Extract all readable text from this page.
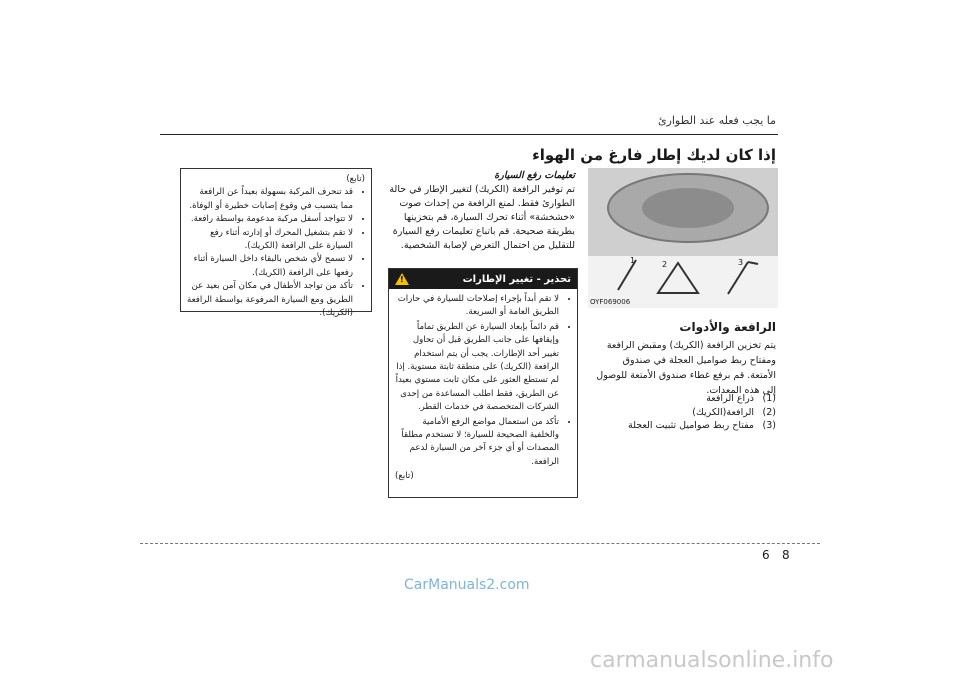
ما يجب فعله عند الطوارئ
إذا كان لديك إطار فارغ من الهواء
1	2	3
OYF069006
الرافعة والأدوات
يتم تخزين الرافعة (الكريك) ومقبض الرافعة ومفتاح ربط صواميل العجلة في صندوق الأمتعة. قم برفع غطاء صندوق الأمتعة للوصول إلى هذه المعدات.
(1)
ذراع الرافعة
(2)
الرافعة(الكريك)
(3)
مفتاح ربط صواميل تثبيت العجلة
تعليمات رفع السيارة
تم توفير الرافعة (الكريك) لتغيير الإطار في حالة الطوارئ فقط. لمنع الرافعة من إحداث صوت «خشخشة» أثناء تحرك السيارة، قم بتخزينها بطريقة صحيحة. قم باتباع تعليمات رفع السيارة للتقليل من احتمال التعرض لإصابة الشخصية.
تحذير - تغيير الإطارات
!
• لا تقم أبداً بإجراء إصلاحات للسيارة في حارات الطريق العامة أو السريعة.
• قم دائماً بإبعاد السيارة عن الطريق تماماً وإيقافها على جانب الطريق قبل أن تحاول تغيير أحد الإطارات. يجب أن يتم استخدام الرافعة (الكريك) على منطقة ثابتة مستوية. إذا لم تستطع العثور على مكان ثابت مستوي بعيداً عن الطريق، فقط اطلب المساعدة من إحدى الشركات المتخصصة في خدمات القطر.
• تأكد من استعمال مواضع الرفع الأمامية والخلفية الصحيحة للسيارة؛ لا تستخدم مطلقاً المصدات أو أي جزء آخر من السيارة لدعم الرافعة.
(تابع)
(تابع)
• قد تنحرف المركبة بسهولة بعيداً عن الرافعة مما يتسبب في وقوع إصابات خطيرة أو الوفاة.
• لا تتواجد أسفل مركبة مدعومة بواسطة رافعة.
• لا تقم بتشغيل المحرك أو إدارته أثناء رفع السيارة على الرافعة (الكريك).
• لا تسمح لأي شخص بالبقاء داخل السيارة أثناء رفعها على الرافعة (الكريك).
• تأكد من تواجد الأطفال في مكان آمن بعيد عن الطريق ومع السيارة المرفوعة بواسطة الرافعة (الكريك).
6 8
CarManuals2.com
carmanualsonline.info
